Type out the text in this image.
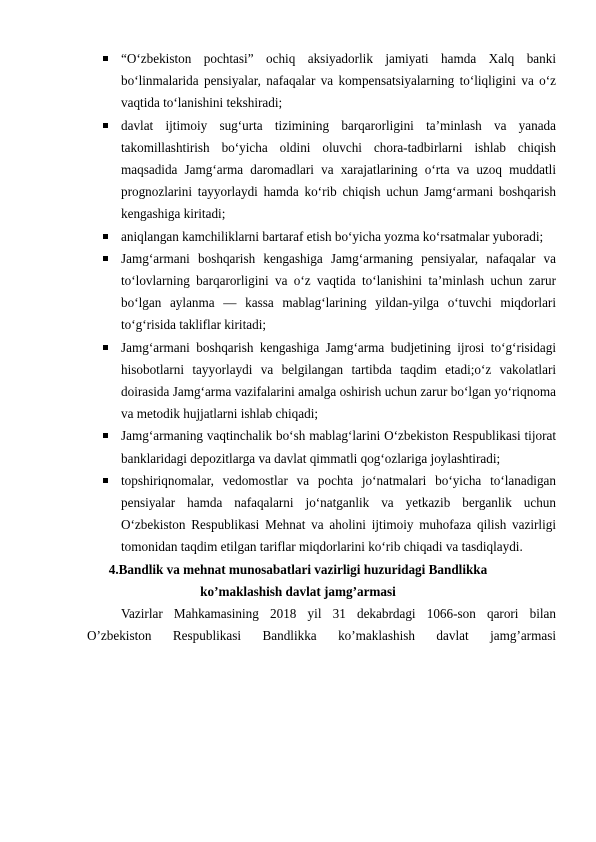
“O‘zbekiston pochtasi” ochiq aksiyadorlik jamiyati hamda Xalq banki bo‘linmalarida pensiyalar, nafaqalar va kompensatsiyalarning to‘liqligini va o‘z vaqtida to‘lanishini tekshiradi;
davlat ijtimoiy sug‘urta tizimining barqarorligini ta’minlash va yanada takomillashtirish bo‘yicha oldini oluvchi chora-tadbirlarni ishlab chiqish maqsadida Jamg‘arma daromadlari va xarajatlarining o‘rta va uzoq muddatli prognozlarini tayyorlaydi hamda ko‘rib chiqish uchun Jamg‘armani boshqarish kengashiga kiritadi;
aniqlangan kamchiliklarni bartaraf etish bo‘yicha yozma ko‘rsatmalar yuboradi;
Jamg‘armani boshqarish kengashiga Jamg‘armaning pensiyalar, nafaqalar va to‘lovlarning barqarorligini va o‘z vaqtida to‘lanishini ta’minlash uchun zarur bo‘lgan aylanma — kassa mablag‘larining yildan-yilga o‘tuvchi miqdorlari to‘g‘risida takliflar kiritadi;
Jamg‘armani boshqarish kengashiga Jamg‘arma budjetining ijrosi to‘g‘risidagi hisobotlarni tayyorlaydi va belgilangan tartibda taqdim etadi;o‘z vakolatlari doirasida Jamg‘arma vazifalarini amalga oshirish uchun zarur bo‘lgan yo‘riqnoma va metodik hujjatlarni ishlab chiqadi;
Jamg‘armaning vaqtinchalik bo‘sh mablag‘larini O‘zbekiston Respublikasi tijorat banklaridagi depozitlarga va davlat qimmatli qog‘ozlariga joylashtiradi;
topshiriqnomalar, vedomostlar va pochta jo‘natmalari bo‘yicha to‘lanadigan pensiyalar hamda nafaqalarni jo‘natganlik va yetkazib berganlik uchun O‘zbekiston Respublikasi Mehnat va aholini ijtimoiy muhofaza qilish vazirligi tomonidan taqdim etilgan tariflar miqdorlarini ko‘rib chiqadi va tasdiqlaydi.

4.Bandlik va mehnat munosabatlari vazirligi huzuridagi Bandlikka
ko’maklashish davlat jamg’armasi

Vazirlar Mahkamasining 2018 yil 31 dekabrdagi 1066-son qarori bilan O’zbekiston Respublikasi Bandlikka ko’maklashish davlat jamg’armasi
